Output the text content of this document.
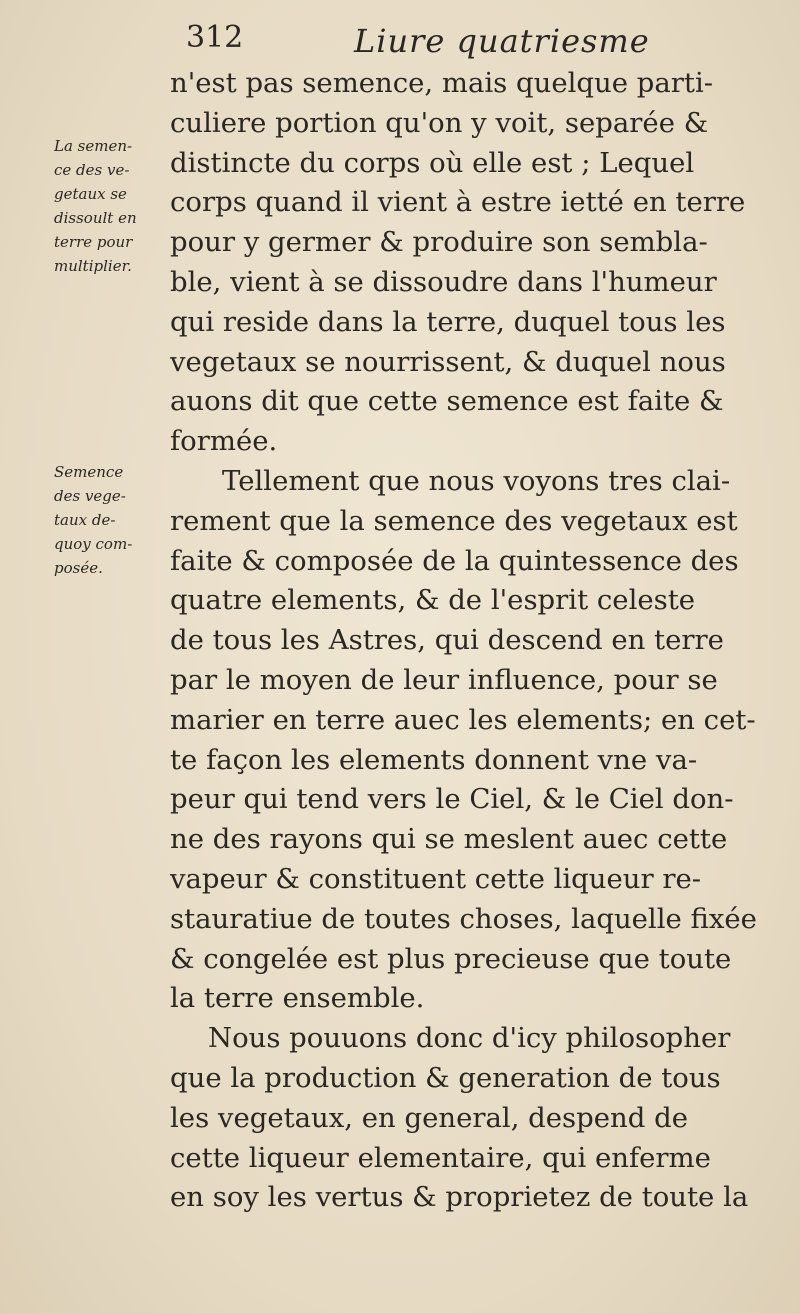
312	Liure quatriesme

La semen-
ce des ve-
getaux se
dissoult en
terre pour
multiplier.

Semence
des vege-
taux de-
quoy com-
posée.

n'est pas semence, mais quelque parti-
culiere portion qu'on y voit, separée &
distincte du corps où elle est ; Lequel
corps quand il vient à estre ietté en terre
pour y germer & produire son sembla-
ble, vient à se dissoudre dans l'humeur
qui reside dans la terre, duquel tous les
vegetaux se nourrissent, & duquel nous
auons dit que cette semence est faite &
formée.
Tellement que nous voyons tres clai-
rement que la semence des vegetaux est
faite & composée de la quintessence des
quatre elements, & de l'esprit celeste
de tous les Astres, qui descend en terre
par le moyen de leur influence, pour se
marier en terre auec les elements; en cet-
te façon les elements donnent vne va-
peur qui tend vers le Ciel, & le Ciel don-
ne des rayons qui se meslent auec cette
vapeur & constituent cette liqueur re-
stauratiue de toutes choses, laquelle fixée
& congelée est plus precieuse que toute
la terre ensemble.
Nous pouuons donc d'icy philosopher
que la production & generation de tous
les vegetaux, en general, despend de
cette liqueur elementaire, qui enferme
en soy les vertus & proprietez de toute la
